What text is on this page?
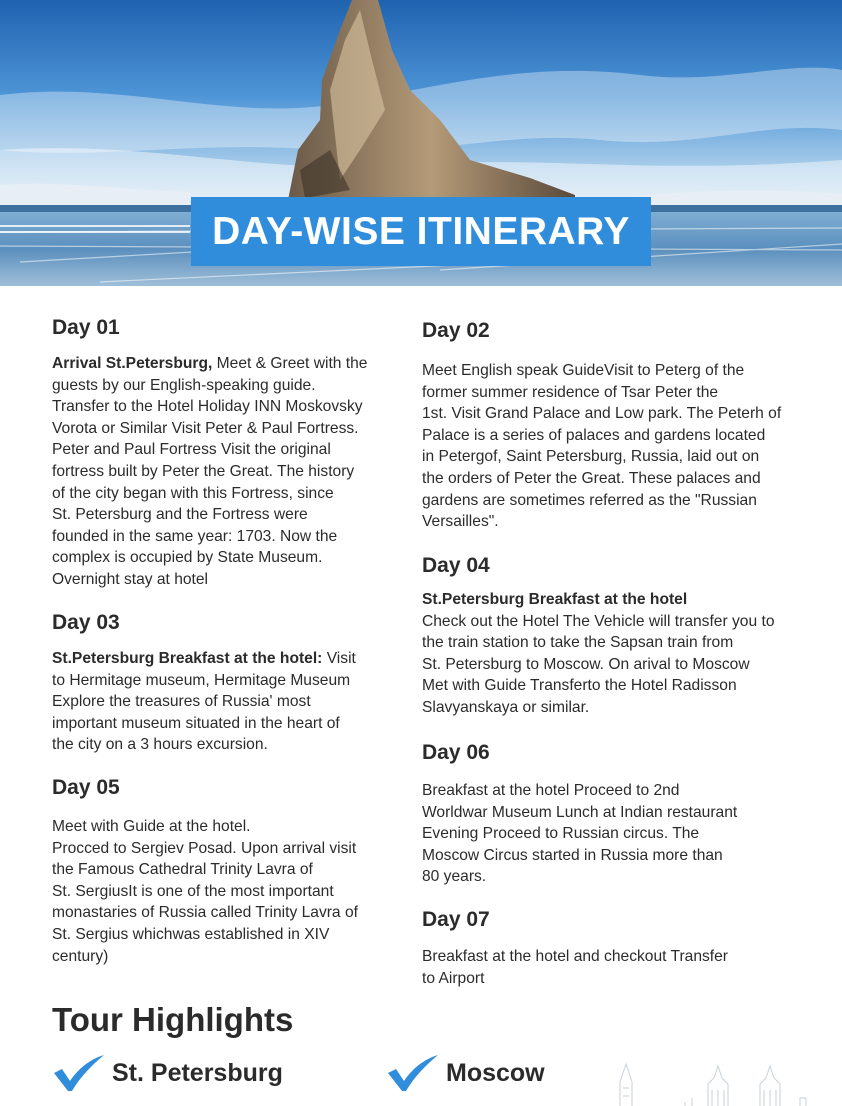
DAY-WISE ITINERARY
Day 01

Arrival St.Petersburg, Meet & Greet with the
guests by our English-speaking guide.
Transfer to the Hotel Holiday INN Moskovsky
Vorota or Similar Visit Peter & Paul Fortress.
Peter and Paul Fortress Visit the original
fortress built by Peter the Great. The history
of the city began with this Fortress, since
St. Petersburg and the Fortress were
founded in the same year: 1703. Now the
complex is occupied by State Museum.
Overnight stay at hotel

Day 03

St.Petersburg Breakfast at the hotel: Visit
to Hermitage museum, Hermitage Museum
Explore the treasures of Russia' most
important museum situated in the heart of
the city on a 3 hours excursion.

Day 05

Meet with Guide at the hotel.
Procced to Sergiev Posad. Upon arrival visit
the Famous Cathedral Trinity Lavra of
St. SergiusIt is one of the most important
monastaries of Russia called Trinity Lavra of
St. Sergius whichwas established in XIV
century)

Day 02

Meet English speak GuideVisit to Peterg of the
former summer residence of Tsar Peter the
1st. Visit Grand Palace and Low park. The Peterh of
Palace is a series of palaces and gardens located
in Petergof, Saint Petersburg, Russia, laid out on
the orders of Peter the Great. These palaces and
gardens are sometimes referred as the "Russian
Versailles".

Day 04

St.Petersburg Breakfast at the hotel
Check out the Hotel The Vehicle will transfer you to
the train station to take the Sapsan train from
St. Petersburg to Moscow. On arival to Moscow
Met with Guide Transferto the Hotel Radisson
Slavyanskaya or similar.

Day 06

Breakfast at the hotel Proceed to 2nd
Worldwar Museum Lunch at Indian restaurant
Evening Proceed to Russian circus. The
Moscow Circus started in Russia more than
80 years.

Day 07

Breakfast at the hotel and checkout Transfer
to Airport

Tour Highlights
St. Petersburg	Moscow
